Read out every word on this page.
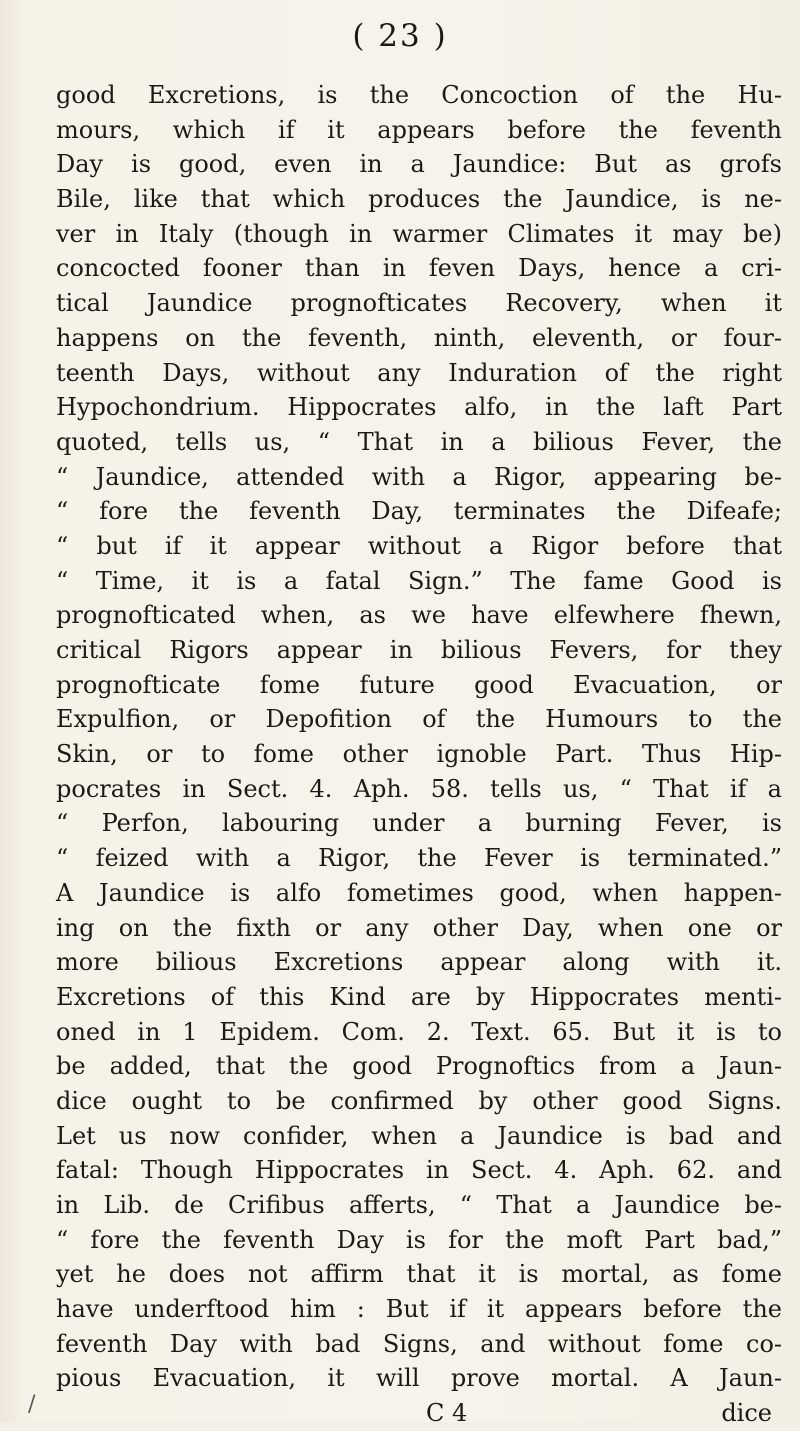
( 23 )
good Excretions, is the Concoction of the Hu-
mours, which if it appears before the feventh
Day is good, even in a Jaundice: But as grofs
Bile, like that which produces the Jaundice, is ne-
ver in Italy (though in warmer Climates it may be)
concocted fooner than in feven Days, hence a cri-
tical Jaundice prognofticates Recovery, when it
happens on the feventh, ninth, eleventh, or four-
teenth Days, without any Induration of the right
Hypochondrium. Hippocrates alfo, in the laft Part
quoted, tells us, “ That in a bilious Fever, the
“ Jaundice, attended with a Rigor, appearing be-
“ fore the feventh Day, terminates the Difeafe;
“ but if it appear without a Rigor before that
“ Time, it is a fatal Sign.” The fame Good is
prognofticated when, as we have elfewhere fhewn,
critical Rigors appear in bilious Fevers, for they
prognofticate fome future good Evacuation, or
Expulfion, or Depofition of the Humours to the
Skin, or to fome other ignoble Part. Thus Hip-
pocrates in Sect. 4. Aph. 58. tells us, “ That if a
“ Perfon, labouring under a burning Fever, is
“ feized with a Rigor, the Fever is terminated.”
A Jaundice is alfo fometimes good, when happen-
ing on the fixth or any other Day, when one or
more bilious Excretions appear along with it.
Excretions of this Kind are by Hippocrates menti-
oned in 1 Epidem. Com. 2. Text. 65. But it is to
be added, that the good Prognoftics from a Jaun-
dice ought to be confirmed by other good Signs.
Let us now confider, when a Jaundice is bad and
fatal: Though Hippocrates in Sect. 4. Aph. 62. and
in Lib. de Crifibus afferts, “ That a Jaundice be-
“ fore the feventh Day is for the moft Part bad,”
yet he does not affirm that it is mortal, as fome
have underftood him : But if it appears before the
feventh Day with bad Signs, and without fome co-
pious Evacuation, it will prove mortal. A Jaun-
C 4	dice
/
